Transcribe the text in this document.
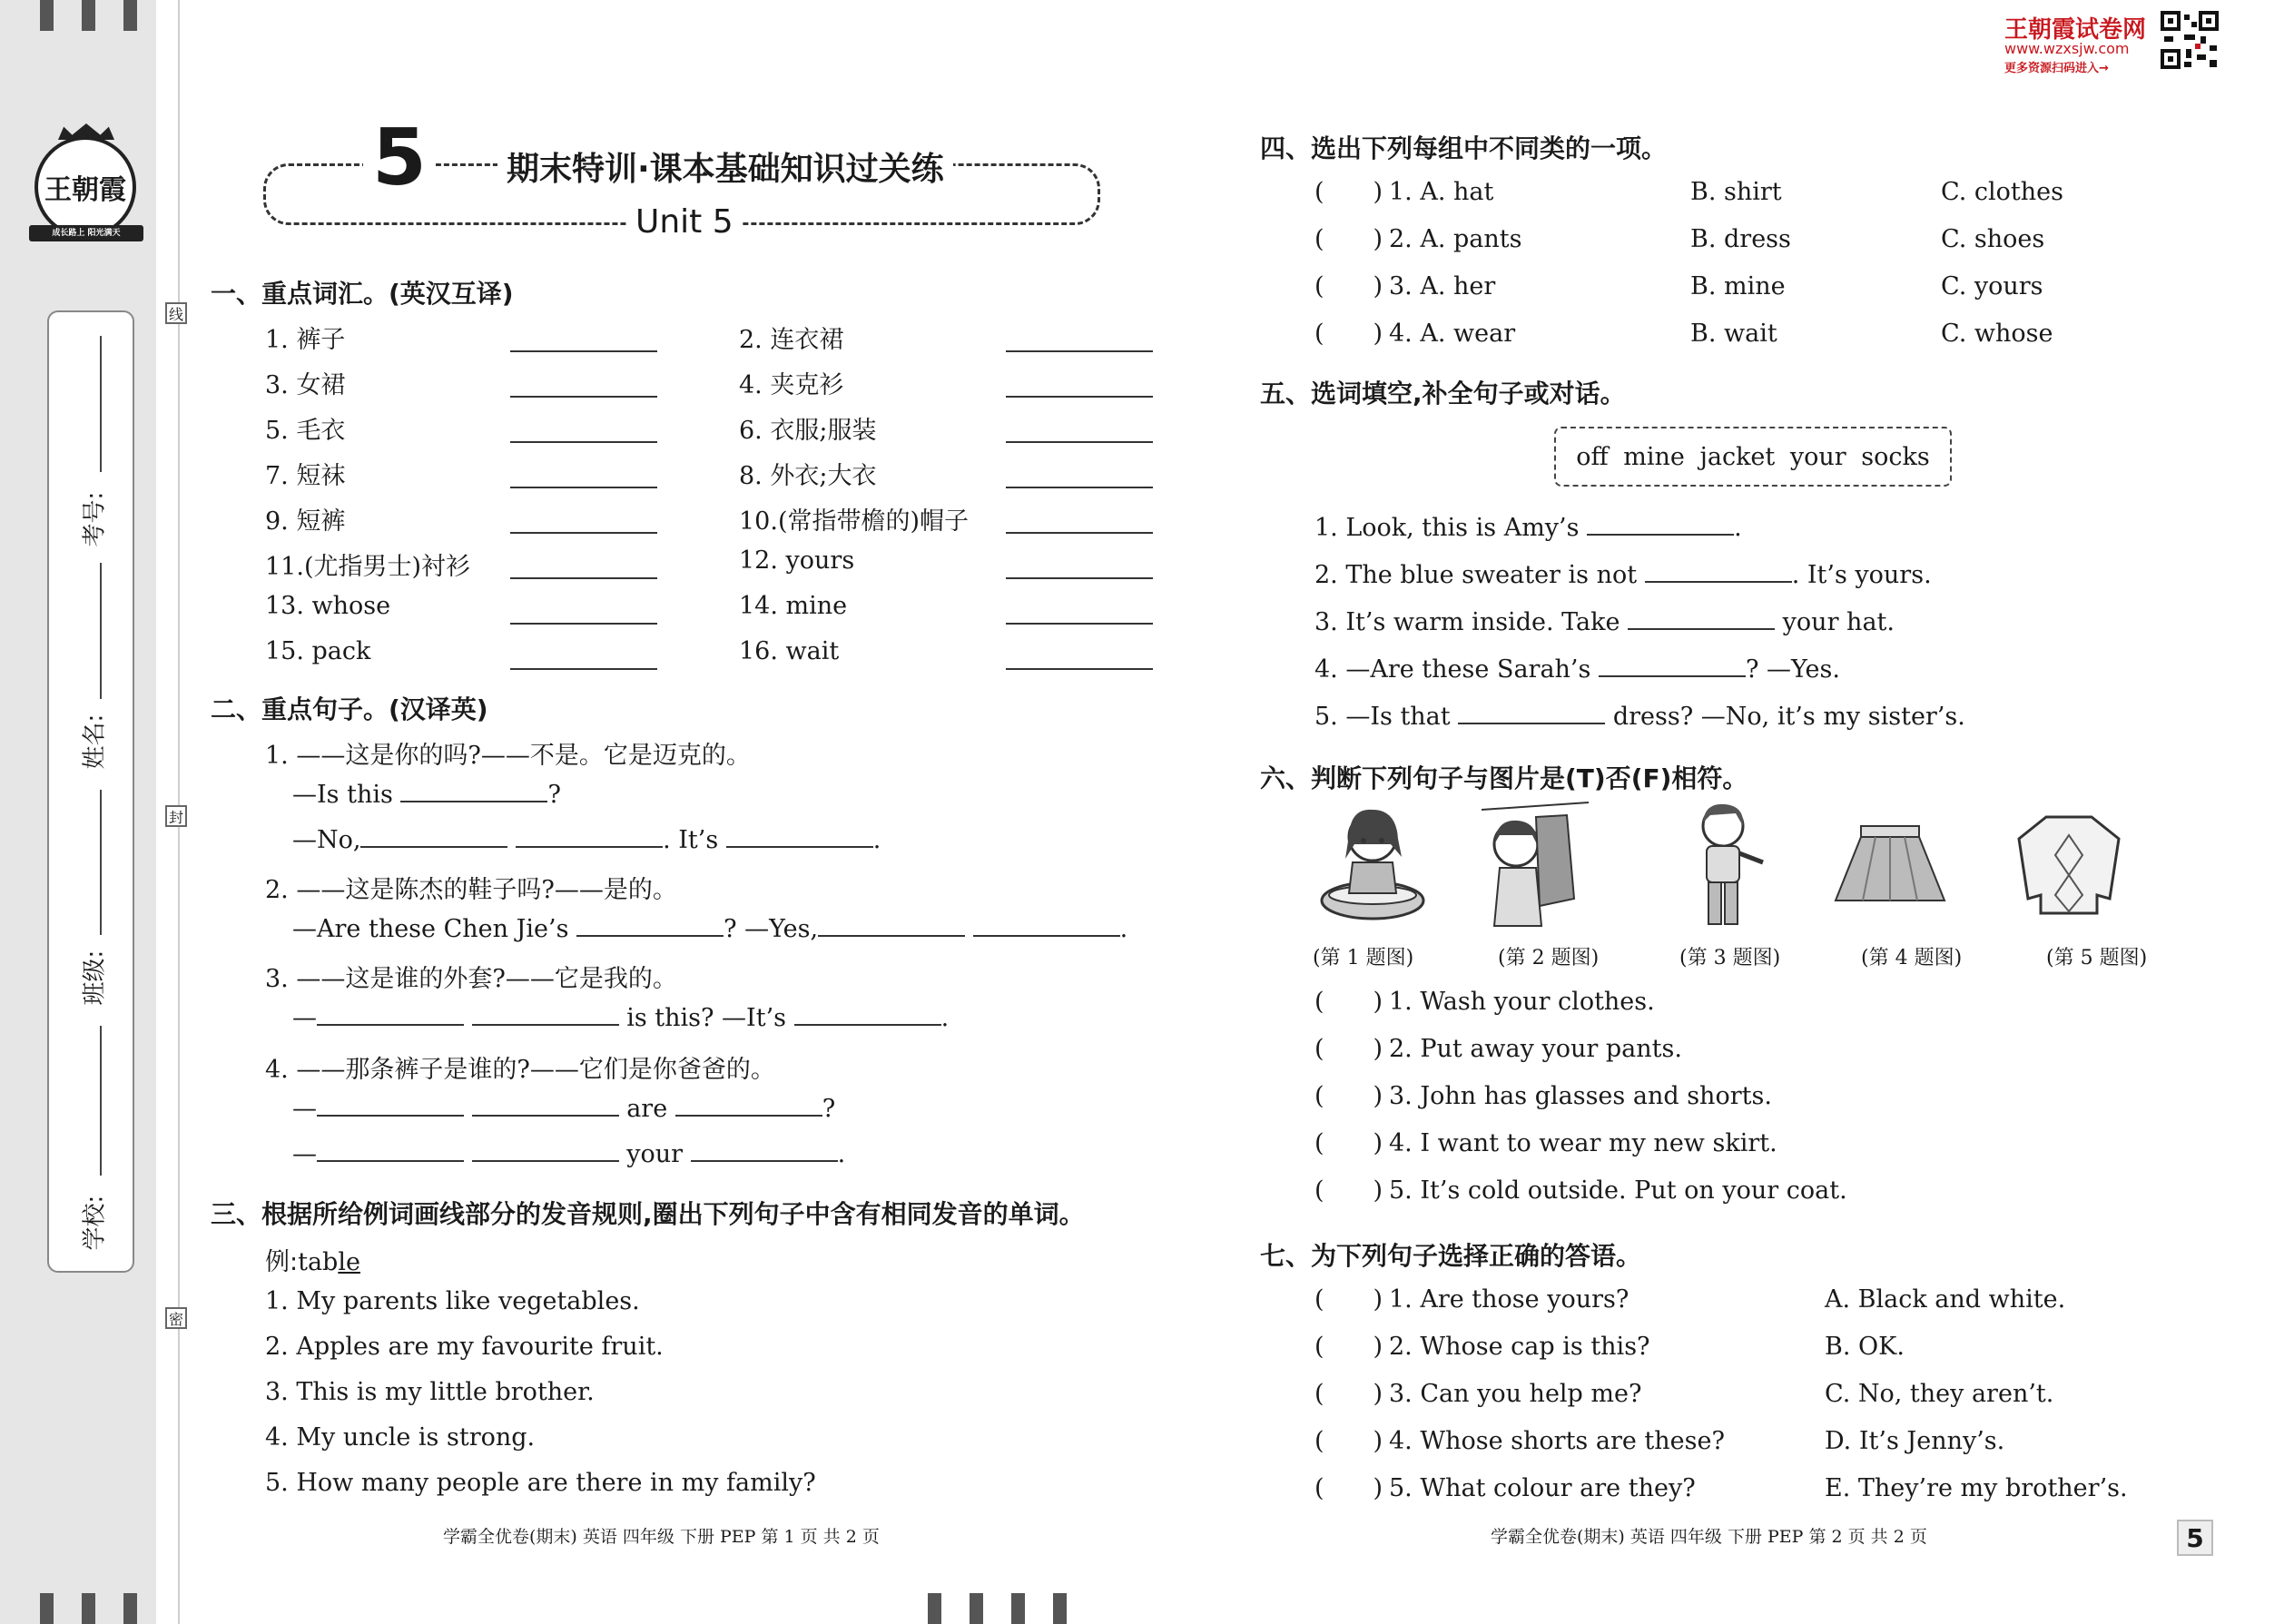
王朝霞
成长路上 阳光满天
考号:
姓名:
班级:
学校:
线
封
密
王朝霞试卷网
www.wzxsjw.com
更多资源扫码进入→
5 期末特训·课本基础知识过关练
Unit 5
一、重点词汇。(英汉互译)
1. 裤子	2. 连衣裙
3. 女裙	4. 夹克衫
5. 毛衣	6. 衣服;服装
7. 短袜	8. 外衣;大衣
9. 短裤	10.(常指带檐的)帽子
11.(尤指男士)衬衫	12. yours
13. whose	14. mine
15. pack	16. wait
二、重点句子。(汉译英)
1. ——这是你的吗?——不是。它是迈克的。
—Is this	?
—No,	. It’s	.
2. ——这是陈杰的鞋子吗?——是的。
—Are these Chen Jie’s	? —Yes,	.
3. ——这是谁的外套?——它是我的。
—	is this? —It’s	.
4. ——那条裤子是谁的?——它们是你爸爸的。
—	are	?
—	your	.
三、根据所给例词画线部分的发音规则,圈出下列句子中含有相同发音的单词。
例:table
1. My parents like vegetables.
2. Apples are my favourite fruit.
3. This is my little brother.
4. My uncle is strong.
5. How many people are there in my family?
四、选出下列每组中不同类的一项。
(  ) 1. A. hat	B. shirt	C. clothes
(  ) 2. A. pants	B. dress	C. shoes
(  ) 3. A. her	B. mine	C. yours
(  ) 4. A. wear	B. wait	C. whose
五、选词填空,补全句子或对话。
off mine jacket your socks
1. Look, this is Amy’s	.
2. The blue sweater is not	. It’s yours.
3. It’s warm inside. Take	your hat.
4. —Are these Sarah’s	? —Yes.
5. —Is that	dress? —No, it’s my sister’s.
六、判断下列句子与图片是(T)否(F)相符。
(第 1 题图)	(第 2 题图)	(第 3 题图)	(第 4 题图)	(第 5 题图)
(  ) 1. Wash your clothes.
(  ) 2. Put away your pants.
(  ) 3. John has glasses and shorts.
(  ) 4. I want to wear my new skirt.
(  ) 5. It’s cold outside. Put on your coat.
七、为下列句子选择正确的答语。
(  ) 1. Are those yours?	A. Black and white.
(  ) 2. Whose cap is this?	B. OK.
(  ) 3. Can you help me?	C. No, they aren’t.
(  ) 4. Whose shorts are these?	D. It’s Jenny’s.
(  ) 5. What colour are they?	E. They’re my brother’s.
学霸全优卷(期末) 英语 四年级 下册 PEP 第 1 页 共 2 页	学霸全优卷(期末) 英语 四年级 下册 PEP 第 2 页 共 2 页	5
